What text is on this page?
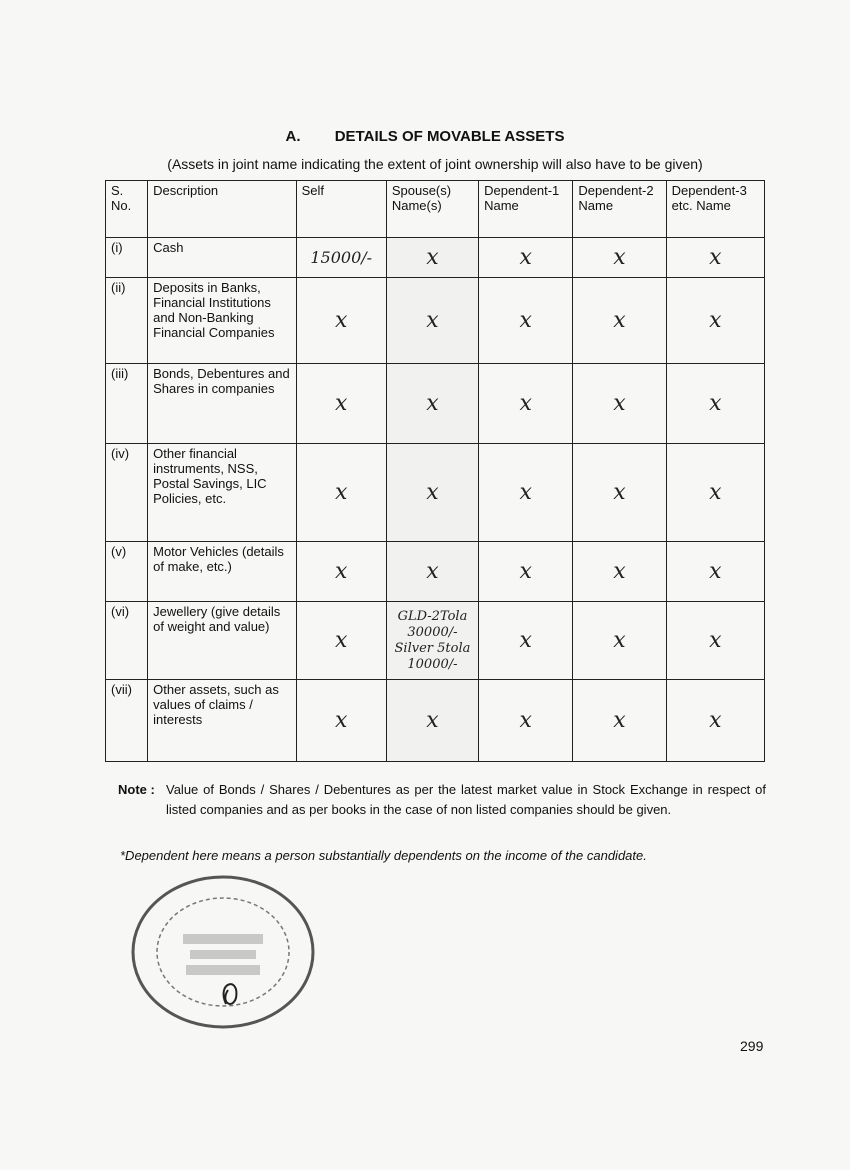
A. DETAILS OF MOVABLE ASSETS
(Assets in joint name indicating the extent of joint ownership will also have to be given)
S. No.	Description	Self	Spouse(s) Name(s)	Dependent-1 Name	Dependent-2 Name	Dependent-3 etc. Name
(i)	Cash	15000/-	x	x	x	x
(ii)	Deposits in Banks, Financial Institutions and Non-Banking Financial Companies	x	x	x	x	x
(iii)	Bonds, Debentures and Shares in companies	x	x	x	x	x
(iv)	Other financial instruments, NSS, Postal Savings, LIC Policies, etc.	x	x	x	x	x
(v)	Motor Vehicles (details of make, etc.)	x	x	x	x	x
(vi)	Jewellery (give details of weight and value)	x	GLD-2Tola 30000/- Silver 5tola 10000/-	x	x	x
(vii)	Other assets, such as values of claims / interests	x	x	x	x	x
Note : Value of Bonds / Shares / Debentures as per the latest market value in Stock Exchange in respect of listed companies and as per books in the case of non listed companies should be given.
*Dependent here means a person substantially dependents on the income of the candidate.
299
